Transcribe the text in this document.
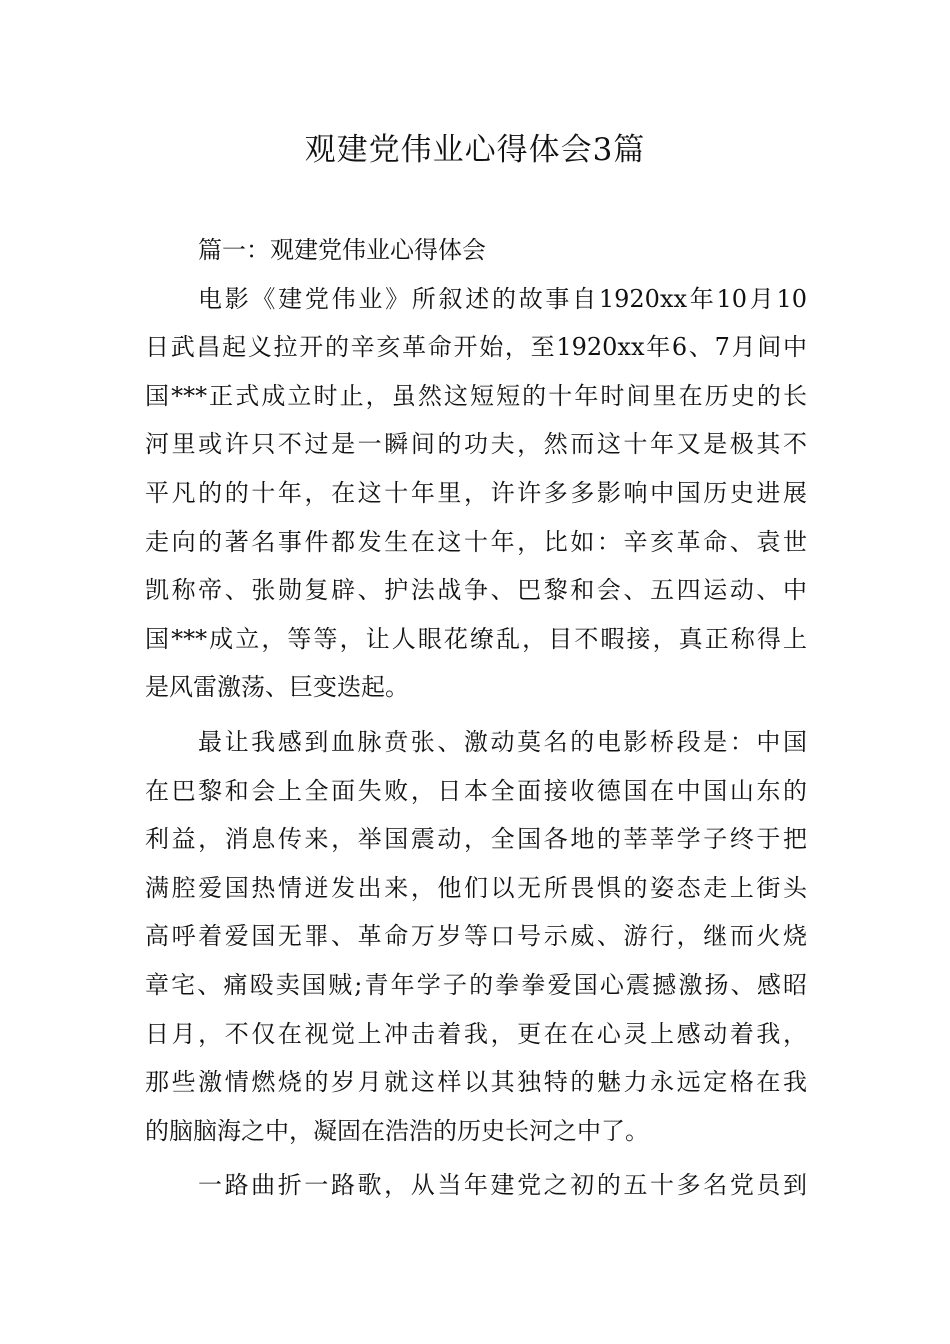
观建党伟业心得体会3篇
篇一：观建党伟业心得体会
电影《建党伟业》所叙述的故事自1920xx年10月10
日武昌起义拉开的辛亥革命开始，至1920xx年6、7月间中
国***正式成立时止，虽然这短短的十年时间里在历史的长
河里或许只不过是一瞬间的功夫，然而这十年又是极其不
平凡的的十年，在这十年里，许许多多影响中国历史进展
走向的著名事件都发生在这十年，比如：辛亥革命、袁世
凯称帝、张勋复辟、护法战争、巴黎和会、五四运动、中
国***成立，等等，让人眼花缭乱，目不暇接，真正称得上
是风雷激荡、巨变迭起。
最让我感到血脉贲张、激动莫名的电影桥段是：中国
在巴黎和会上全面失败，日本全面接收德国在中国山东的
利益，消息传来，举国震动，全国各地的莘莘学子终于把
满腔爱国热情迸发出来，他们以无所畏惧的姿态走上街头
高呼着爱国无罪、革命万岁等口号示威、游行，继而火烧
章宅、痛殴卖国贼;青年学子的拳拳爱国心震撼激扬、感昭
日月，不仅在视觉上冲击着我，更在在心灵上感动着我，
那些激情燃烧的岁月就这样以其独特的魅力永远定格在我
的脑脑海之中，凝固在浩浩的历史长河之中了。
一路曲折一路歌，从当年建党之初的五十多名党员到
